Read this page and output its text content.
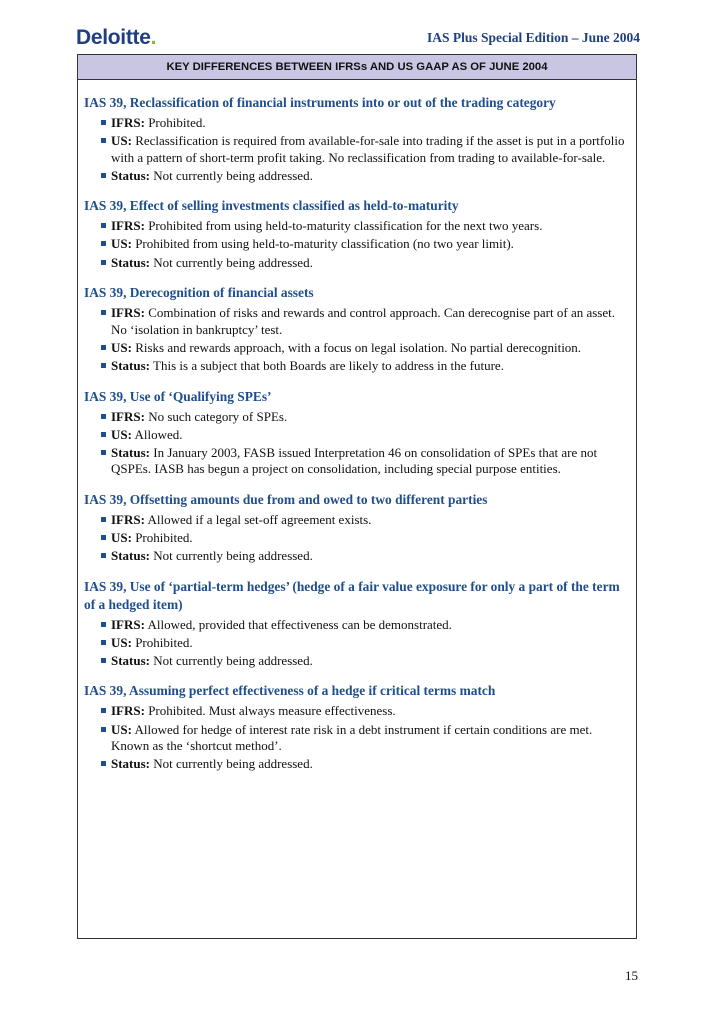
Deloitte.	IAS Plus Special Edition – June 2004
KEY DIFFERENCES BETWEEN IFRSs AND US GAAP AS OF JUNE 2004
IAS 39, Reclassification of financial instruments into or out of the trading category
IFRS: Prohibited.
US: Reclassification is required from available-for-sale into trading if the asset is put in a portfolio with a pattern of short-term profit taking. No reclassification from trading to available-for-sale.
Status: Not currently being addressed.
IAS 39, Effect of selling investments classified as held-to-maturity
IFRS: Prohibited from using held-to-maturity classification for the next two years.
US: Prohibited from using held-to-maturity classification (no two year limit).
Status: Not currently being addressed.
IAS 39, Derecognition of financial assets
IFRS: Combination of risks and rewards and control approach. Can derecognise part of an asset. No ‘isolation in bankruptcy’ test.
US: Risks and rewards approach, with a focus on legal isolation. No partial derecognition.
Status: This is a subject that both Boards are likely to address in the future.
IAS 39, Use of ‘Qualifying SPEs’
IFRS: No such category of SPEs.
US: Allowed.
Status: In January 2003, FASB issued Interpretation 46 on consolidation of SPEs that are not QSPEs. IASB has begun a project on consolidation, including special purpose entities.
IAS 39, Offsetting amounts due from and owed to two different parties
IFRS: Allowed if a legal set-off agreement exists.
US: Prohibited.
Status: Not currently being addressed.
IAS 39, Use of ‘partial-term hedges’ (hedge of a fair value exposure for only a part of the term of a hedged item)
IFRS: Allowed, provided that effectiveness can be demonstrated.
US: Prohibited.
Status: Not currently being addressed.
IAS 39, Assuming perfect effectiveness of a hedge if critical terms match
IFRS: Prohibited. Must always measure effectiveness.
US: Allowed for hedge of interest rate risk in a debt instrument if certain conditions are met. Known as the ‘shortcut method’.
Status: Not currently being addressed.
15
